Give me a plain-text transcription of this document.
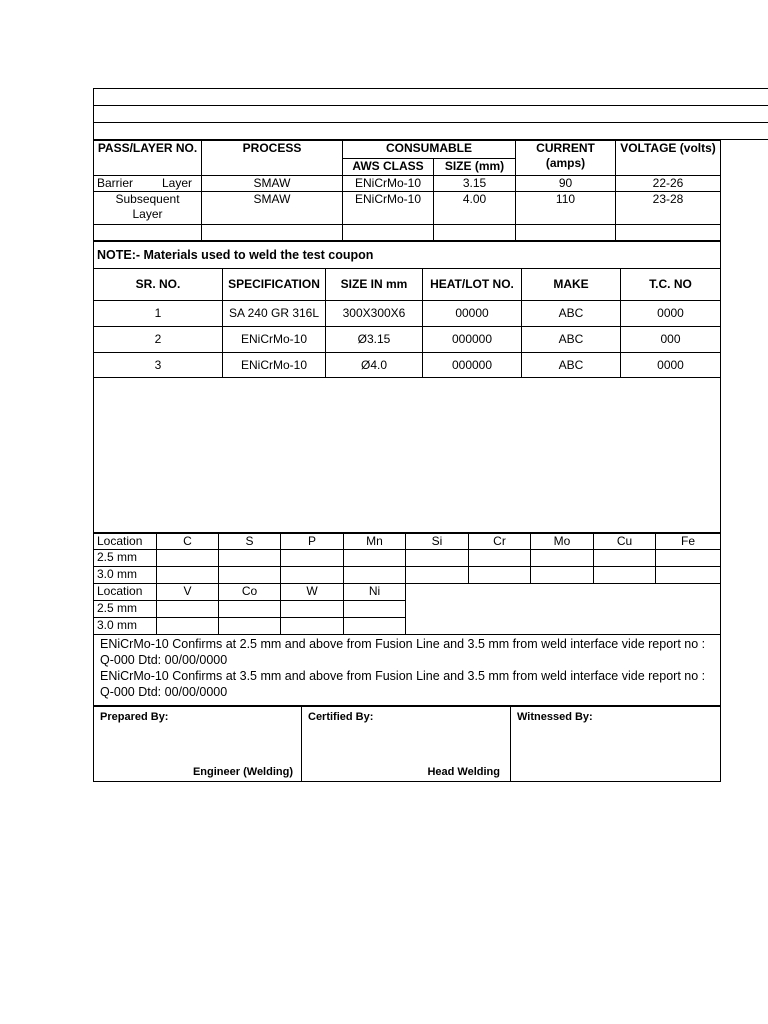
PASS/LAYER NO.	PROCESS	CONSUMABLE		CURRENT (amps)	VOLTAGE (volts)
		AWS CLASS	SIZE (mm)		
Barrier Layer	SMAW	ENiCrMo-10	3.15	90	22-26
Subsequent
Layer	SMAW	ENiCrMo-10	4.00	110	23-28

NOTE:- Materials used to weld the test coupon					
SR. NO.	SPECIFICATION	SIZE IN mm	HEAT/LOT NO.	MAKE	T.C. NO
1	SA 240 GR 316L	300X300X6	00000	ABC	0000
2	ENiCrMo-10	Ø3.15	000000	ABC	000
3	ENiCrMo-10	Ø4.0	000000	ABC	0000

Location	C	S	P	Mn	Si	Cr	Mo	Cu	Fe
2.5 mm									
3.0 mm									
Location	V	Co	W	Ni					
2.5 mm									
3.0 mm									

ENiCrMo-10 Confirms at 2.5 mm and above from Fusion Line and 3.5 mm from weld interface vide report no : Q-000 Dtd: 00/00/0000
ENiCrMo-10 Confirms at 3.5 mm and above from Fusion Line and 3.5 mm from weld interface vide report no : Q-000 Dtd: 00/00/0000									
Prepared By:
Engineer (Welding)

Certified By:
Head Welding

Witnessed By:
